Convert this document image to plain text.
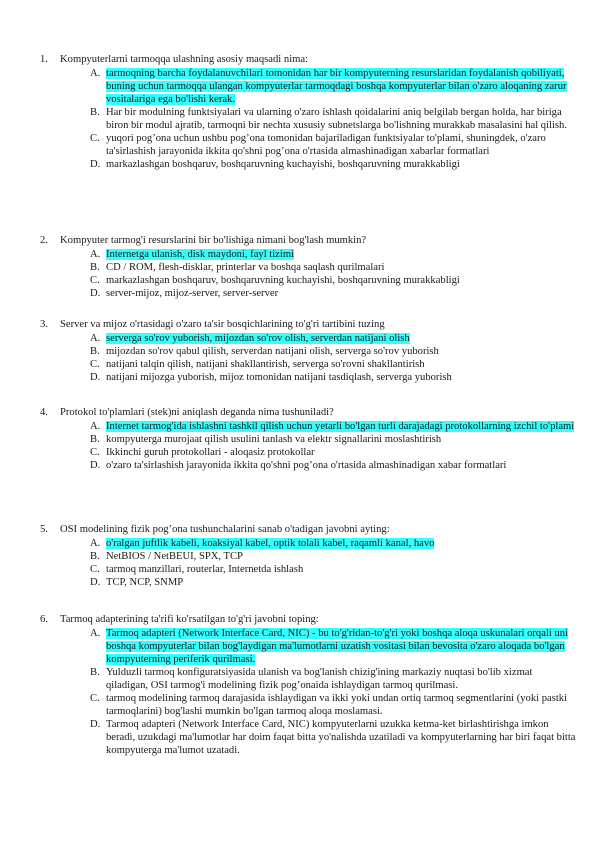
1. Kompyuterlarni tarmoqqa ulashning asosiy maqsadi nima:
A. tarmoqning barcha foydalanuvchilari tomonidan har bir kompyuterning resurslaridan foydalanish qobiliyati, buning uchun tarmoqqa ulangan kompyuterlar tarmoqdagi boshqa kompyuterlar bilan o'zaro aloqaning zarur vositalariga ega bo'lishi kerak.
B. Har bir modulning funktsiyalari va ularning o'zaro ishlash qoidalarini aniq belgilab bergan holda, har biriga biron bir modul ajratib, tarmoqni bir nechta xususiy subnetslarga bo'lishning murakkab masalasini hal qilish.
C. yuqori pog’ona uchun ushbu pog’ona tomonidan bajariladigan funktsiyalar to'plami, shuningdek, o'zaro ta'sirlashish jarayonida ikkita qo'shni pog’ona o'rtasida almashinadigan xabarlar formatlari
D. markazlashgan boshqaruv, boshqaruvning kuchayishi, boshqaruvning murakkabligi
2. Kompyuter tarmog'i resurslarini bir bo'lishiga nimani bog'lash mumkin?
A. Internetga ulanish, disk maydoni, fayl tizimi
B. CD / ROM, flesh-disklar, printerlar va boshqa saqlash qurilmalari
C. markazlashgan boshqaruv, boshqaruvning kuchayishi, boshqaruvning murakkabligi
D. server-mijoz, mijoz-server, server-server
3. Server va mijoz o'rtasidagi o'zaro ta'sir bosqichlarining to'g'ri tartibini tuzing
A. serverga so'rov yuborish, mijozdan so'rov olish, serverdan natijani olish
B. mijozdan so'rov qabul qilish, serverdan natijani olish, serverga so'rov yuborish
C. natijani talqin qilish, natijani shakllantirish, serverga so'rovni shakllantirish
D. natijani mijozga yuborish, mijoz tomonidan natijani tasdiqlash, serverga yuborish
4. Protokol to'plamlari (stek)ni aniqlash deganda nima tushuniladi?
A. Internet tarmog'ida ishlashni tashkil qilish uchun yetarli bo'lgan turli darajadagi protokollarning izchil to'plami
B. kompyuterga murojaat qilish usulini tanlash va elektr signallarini moslashtirish
C. Ikkinchi guruh protokollari - aloqasiz protokollar
D. o'zaro ta'sirlashish jarayonida ikkita qo'shni pog’ona o'rtasida almashinadigan xabar formatlari
5. OSI modelining fizik pog’ona tushunchalarini sanab o'tadigan javobni ayting:
A. o'ralgan juftlik kabeli, koaksiyal kabel, optik tolali kabel, raqamli kanal, havo
B. NetBIOS / NetBEUI, SPX, TCP
C. tarmoq manzillari, routerlar, Internetda ishlash
D. TCP, NCP, SNMP
6. Tarmoq adapterining ta'rifi ko'rsatilgan to'g'ri javobni toping:
A. Tarmoq adapteri (Network Interface Card, NIC) - bu to'g'ridan-to'g'ri yoki boshqa aloqa uskunalari orqali uni boshqa kompyuterlar bilan bog'laydigan ma'lumotlarni uzatish vositasi bilan bevosita o'zaro aloqada bo'lgan kompyuterning periferik qurilmasi.
B. Yulduzli tarmoq konfiguratsiyasida ulanish va bog'lanish chizig'ining markaziy nuqtasi bo'lib xizmat qiladigan, OSI tarmog'i modelining fizik pog’onaida ishlaydigan tarmoq qurilmasi.
C. tarmoq modelining tarmoq darajasida ishlaydigan va ikki yoki undan ortiq tarmoq segmentlarini (yoki pastki tarmoqlarini) bog'lashi mumkin bo'lgan tarmoq aloqa moslamasi.
D. Tarmoq adapteri (Network Interface Card, NIC) kompyuterlarni uzukka ketma-ket birlashtirishga imkon beradi, uzukdagi ma'lumotlar har doim faqat bitta yo'nalishda uzatiladi va kompyuterlarning har biri faqat bitta kompyuterga ma'lumot uzatadi.
